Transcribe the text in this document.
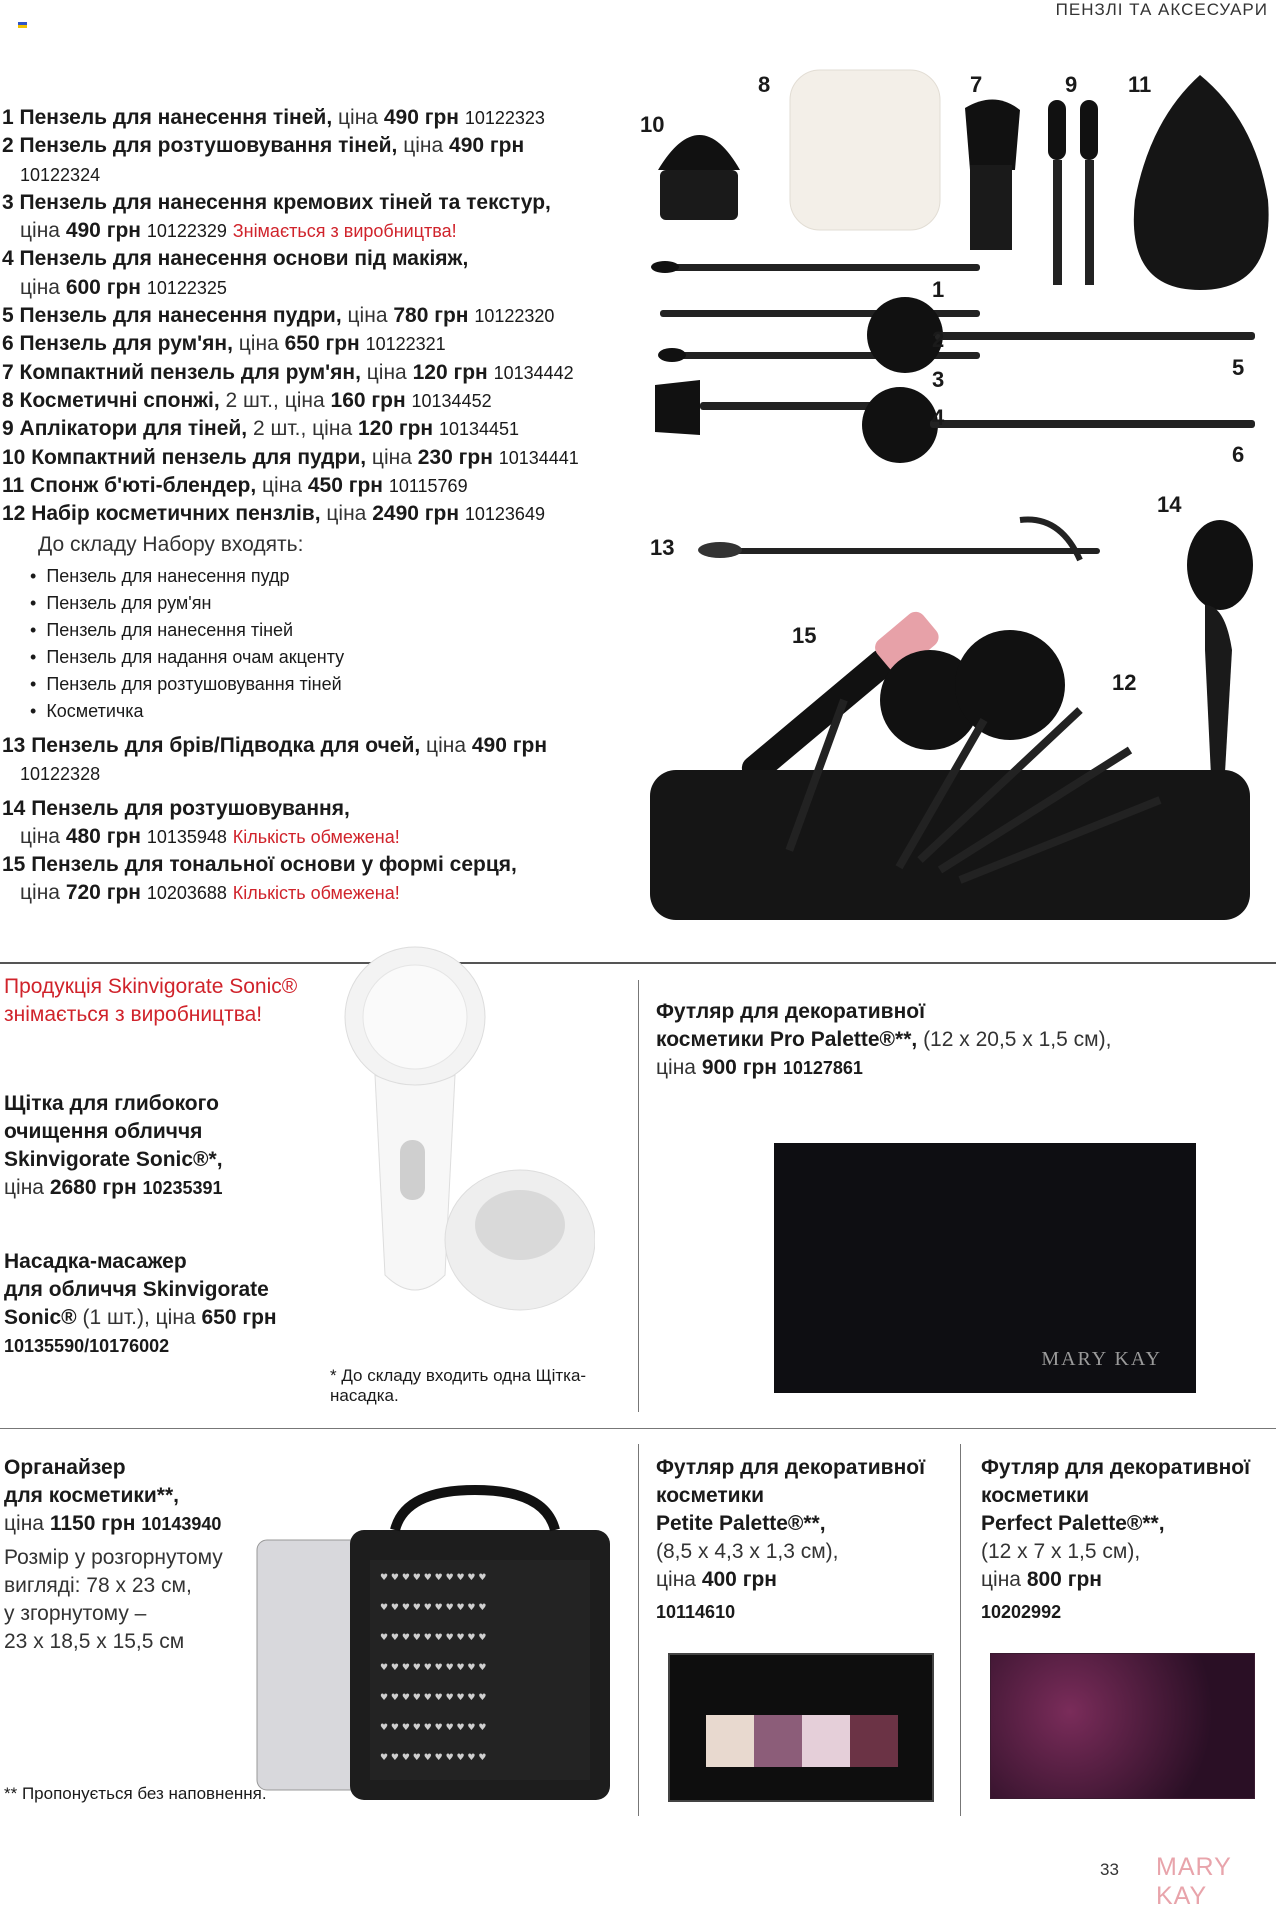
ПЕНЗЛІ ТА АКСЕСУАРИ
1 Пензель для нанесення тіней, ціна 490 грн 10122323
2 Пензель для розтушовування тіней, ціна 490 грн
10122324
3 Пензель для нанесення кремових тіней та текстур,
ціна 490 грн 10122329 Знімається з виробництва!
4 Пензель для нанесення основи під макіяж,
ціна 600 грн 10122325
5 Пензель для нанесення пудри, ціна 780 грн 10122320
6 Пензель для рум'ян, ціна 650 грн 10122321
7 Компактний пензель для рум'ян, ціна 120 грн 10134442
8 Косметичні спонжі, 2 шт., ціна 160 грн 10134452
9 Аплікатори для тіней, 2 шт., ціна 120 грн 10134451
10 Компактний пензель для пудри, ціна 230 грн 10134441
11 Спонж б'юті-блендер, ціна 450 грн 10115769
12 Набір косметичних пензлів, ціна 2490 грн 10123649
До складу Набору входять:
• Пензель для нанесення пудр
• Пензель для рум'ян
• Пензель для нанесення тіней
• Пензель для надання очам акценту
• Пензель для розтушовування тіней
• Косметичка
13 Пензель для брів/Підводка для очей, ціна 490 грн
10122328
14 Пензель для розтушовування,
ціна 480 грн 10135948 Кількість обмежена!
15 Пензель для тональної основи у формі серця,
ціна 720 грн 10203688 Кількість обмежена!
8	7	9 11
10
1
2
3
4
5
6
14
13
15
12
Продукція Skinvigorate Sonic® знімається з виробництва!
Щітка для глибокого
очищення обличчя
Skinvigorate Sonic®*,
ціна 2680 грн 10235391
Насадка-масажер
для обличчя Skinvigorate
Sonic® (1 шт.), ціна 650 грн
10135590/10176002
* До складу входить одна Щітка-насадка.
Футляр для декоративної
косметики Pro Palette®**, (12 x 20,5 x 1,5 см),
ціна 900 грн 10127861
MARY KAY
Органайзер
для косметики**,
ціна 1150 грн 10143940
Розмір у розгорнутому
вигляді: 78 x 23 см,
у згорнутому –
23 x 18,5 x 15,5 см
♥ ♥ ♥ ♥ ♥ ♥ ♥ ♥ ♥ ♥
♥ ♥ ♥ ♥ ♥ ♥ ♥ ♥ ♥ ♥
♥ ♥ ♥ ♥ ♥ ♥ ♥ ♥ ♥ ♥
♥ ♥ ♥ ♥ ♥ ♥ ♥ ♥ ♥ ♥
♥ ♥ ♥ ♥ ♥ ♥ ♥ ♥ ♥ ♥
♥ ♥ ♥ ♥ ♥ ♥ ♥ ♥ ♥ ♥
♥ ♥ ♥ ♥ ♥ ♥ ♥ ♥ ♥ ♥
** Пропонується без наповнення.
Футляр для декоративної
косметики
Petite Palette®**,
(8,5 x 4,3 x 1,3 см),
ціна 400 грн
10114610
Футляр для декоративної
косметики
Perfect Palette®**,
(12 x 7 x 1,5 см),
ціна 800 грн
10202992
33 MARY KAY
